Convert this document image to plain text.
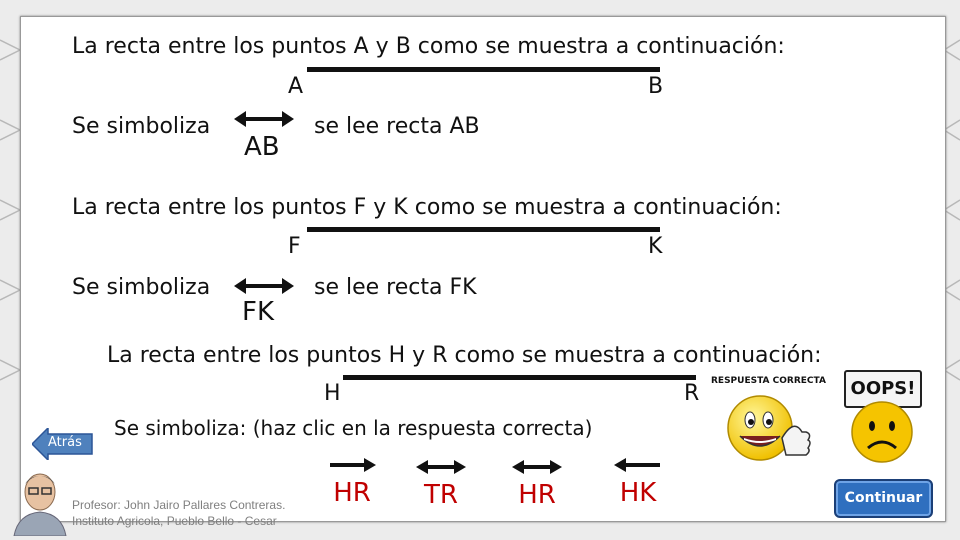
La recta entre los puntos A y B como se muestra a continuación:
A	B
Se simboliza
AB
se lee recta AB
La recta entre los puntos F y K como se muestra a continuación:
F	K
Se simboliza
FK
se lee recta FK
La recta entre los puntos H y R como se muestra a continuación:
H	R
Se simboliza: (haz clic en la respuesta correcta)
HR	TR	HR HK
RESPUESTA CORRECTA	OOPS!
Atrás
Profesor: John Jairo Pallares Contreras.
Instituto Agricola, Pueblo Bello - Cesar
Continuar
